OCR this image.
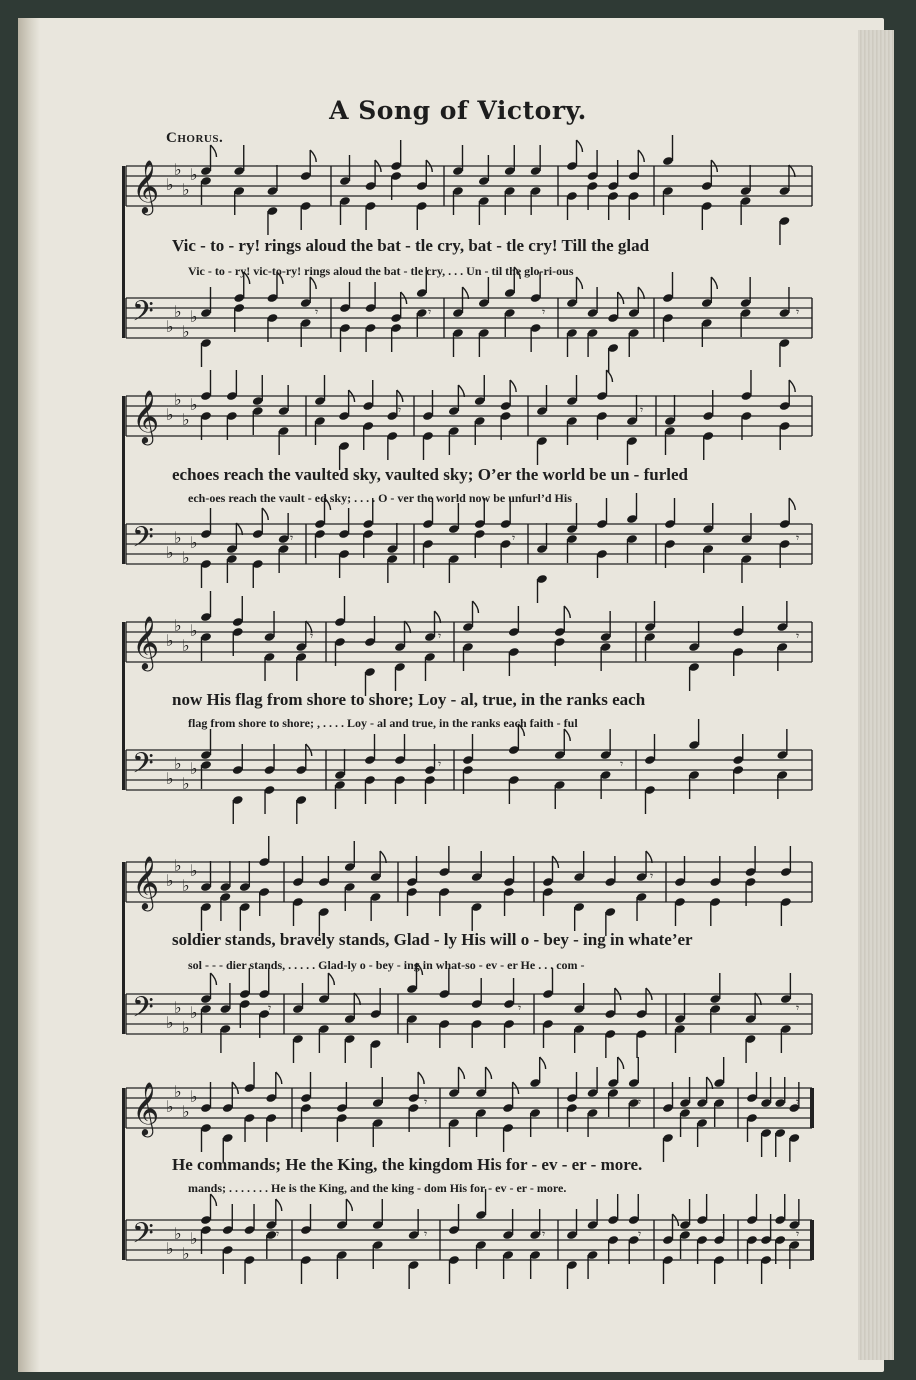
A Song of Victory.
Chorus.
𝄞 ♭
♭
♭
♭
𝄞 ♭
♭
♭
♭	𝄾	𝄾
𝄞 ♭
♭
♭
♭	𝄾	𝄾	𝄾
𝄞 ♭
♭
♭
♭	𝄾
𝄞 ♭
♭
♭
♭	𝄾	𝄾	𝄾
𝄢 ♭
♭
♭
♭	𝄾	𝄾	𝄾	𝄾
𝄢 ♭
♭
♭
♭	𝄾	𝄾	𝄾
𝄢 ♭
♭
♭
♭	𝄾	𝄾
𝄢 ♭
♭
♭
♭	𝄾	𝄾	𝄾
𝄢 ♭
♭
♭
♭	𝄾	𝄾	𝄾	𝄾	𝄾	𝄾
Vic - to - ry! rings aloud the bat - tle cry, bat - tle cry! Till the glad
Vic - to - ry! vic-to-ry! rings aloud the bat - tle cry, . . . Un - til the glo-ri-ous
echoes reach the vaulted sky, vaulted sky; O’er the world be un - furled
ech-oes reach the vault - ed sky; . . . . O - ver the world now be unfurl’d His
now His flag from shore to shore; Loy - al, true, in the ranks each
flag from shore to shore; , . . . . Loy - al and true, in the ranks each faith - ful
soldier stands, bravely stands, Glad - ly His will o - bey - ing in whate’er
sol - - - dier stands, . . . . . Glad-ly o - bey - ing in what-so - ev - er He . . . com -
He commands; He the King, the kingdom His for - ev - er - more.
mands; . . . . . . . He is the King, and the king - dom His for - ev - er - more.
